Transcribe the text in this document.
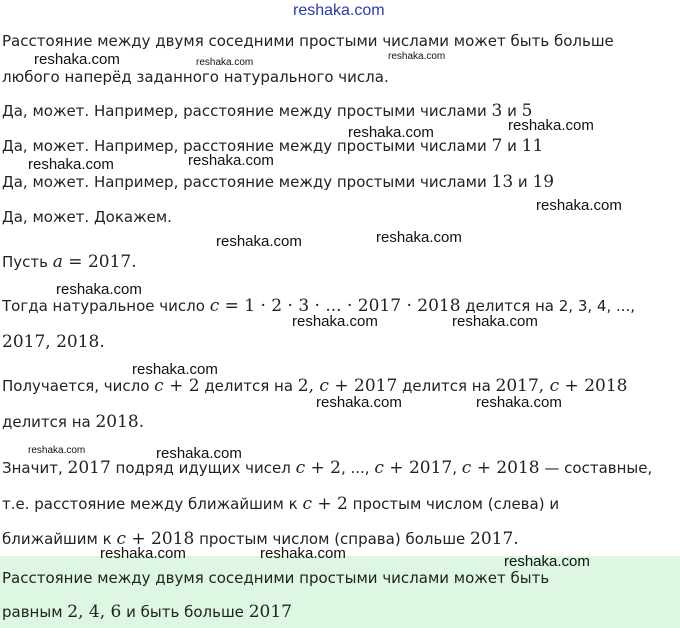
reshaka.com
Расстояние между двумя соседними простыми числами может быть больше
любого наперёд заданного натурального числа.
Да, может. Например, расстояние между простыми числами 3 и 5
Да, может. Например, расстояние между простыми числами 7 и 11
Да, может. Например, расстояние между простыми числами 13 и 19
Да, может. Докажем.
Пусть a = 2017.
Тогда натуральное число c = 1 · 2 · 3 · ... · 2017 · 2018 делится на 2, 3, 4, ...,
2017, 2018.
Получается, число c + 2 делится на 2, c + 2017 делится на 2017, c + 2018
делится на 2018.
Значит, 2017 подряд идущих чисел c + 2, ..., c + 2017, c + 2018 — составные,
т.е. расстояние между ближайшим к c + 2 простым числом (слева) и
ближайшим к c + 2018 простым числом (справа) больше 2017.
Расстояние между двумя соседними простыми числами может быть
равным 2, 4, 6 и быть больше 2017
reshaka.com	reshaka.com
reshaka.com
reshaka.com	reshaka.com
reshaka.com
reshaka.com
reshaka.com
reshaka.com	reshaka.com
reshaka.com
reshaka.com	reshaka.com
reshaka.com
reshaka.com	reshaka.com
reshaka.com	reshaka.com
reshaka.com	reshaka.com	reshaka.com
